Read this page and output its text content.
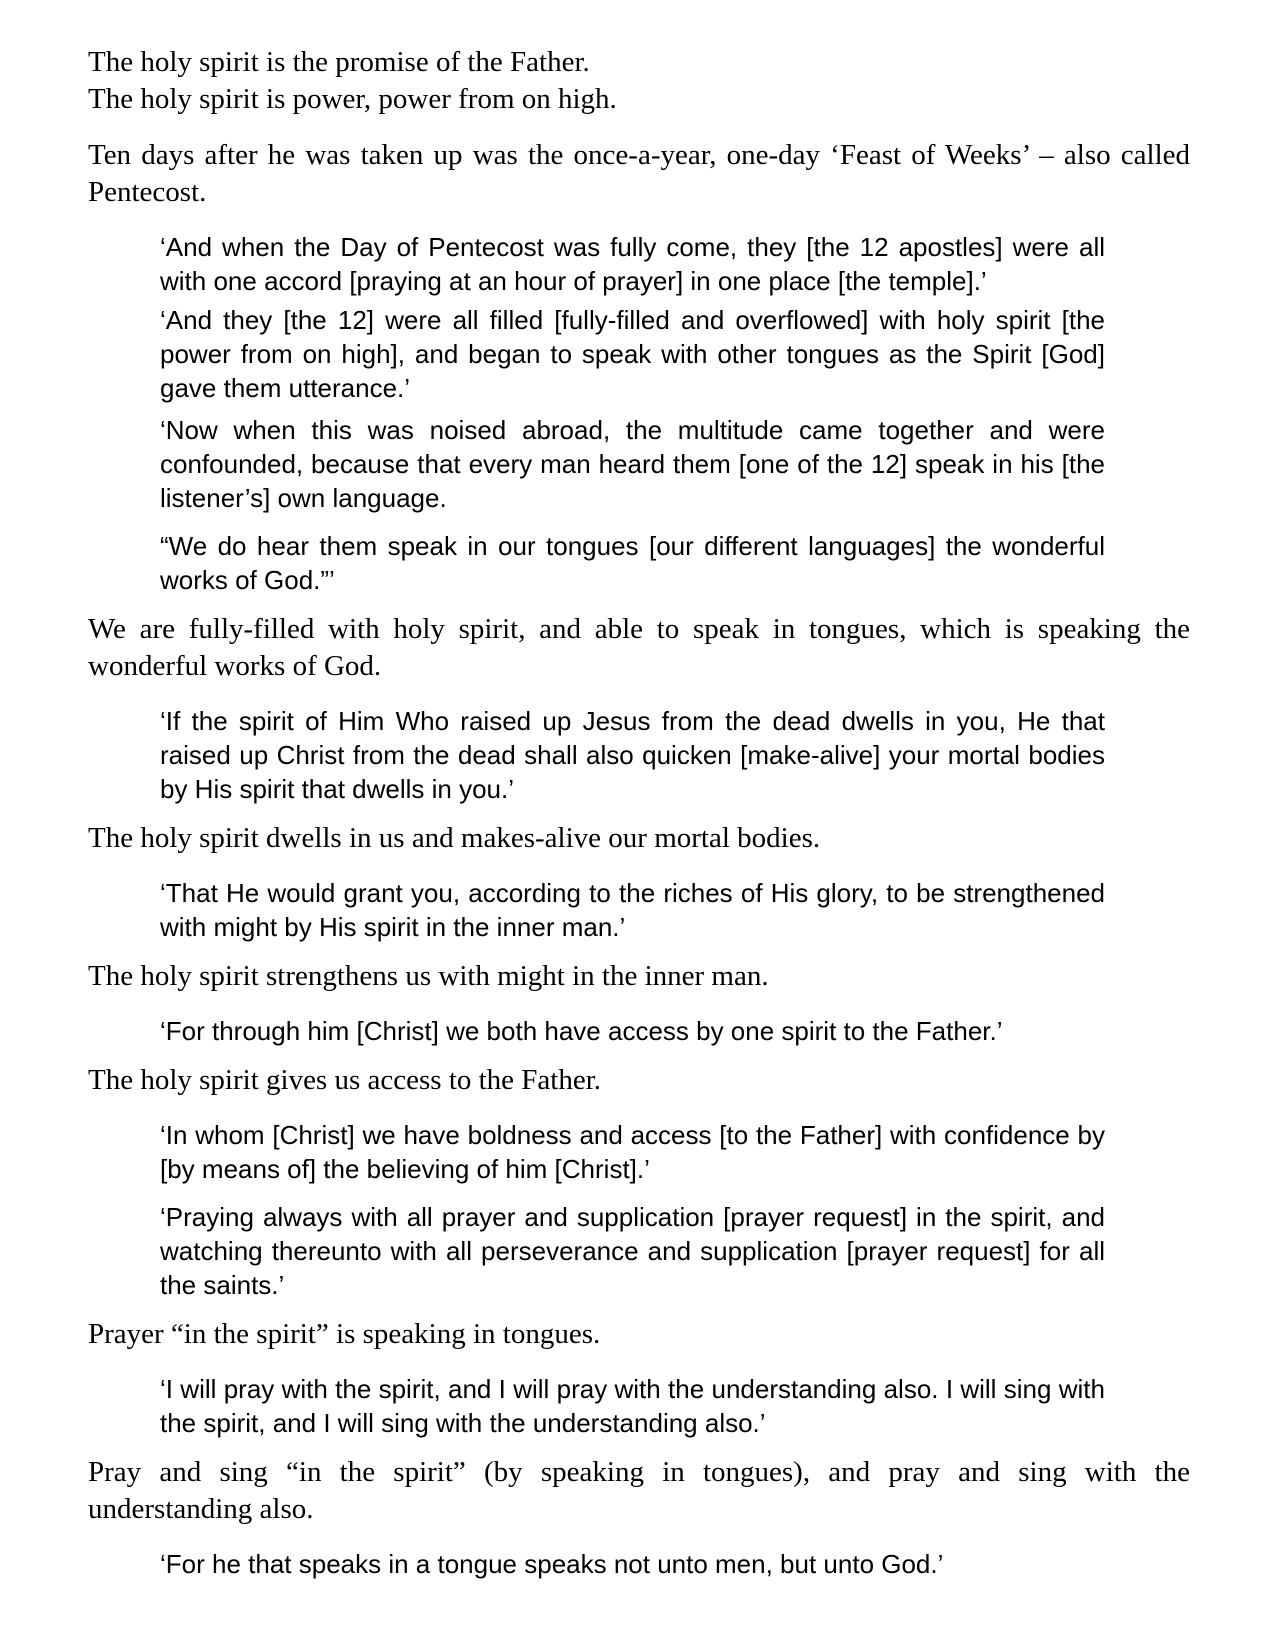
The holy spirit is the promise of the Father.

The holy spirit is power, power from on high.

Ten days after he was taken up was the once-a-year, one-day ‘Feast of Weeks’ – also called Pentecost.

‘And when the Day of Pentecost was fully come, they [the 12 apostles] were all with one accord [praying at an hour of prayer] in one place [the temple].’

‘And they [the 12] were all filled [fully-filled and overflowed] with holy spirit [the power from on high], and began to speak with other tongues as the Spirit [God] gave them utterance.’

‘Now when this was noised abroad, the multitude came together and were confounded, because that every man heard them [one of the 12] speak in his [the listener’s] own language.

“We do hear them speak in our tongues [our different languages] the wonderful works of God.”’

We are fully-filled with holy spirit, and able to speak in tongues, which is speaking the wonderful works of God.

‘If the spirit of Him Who raised up Jesus from the dead dwells in you, He that raised up Christ from the dead shall also quicken [make-alive] your mortal bodies by His spirit that dwells in you.’

The holy spirit dwells in us and makes-alive our mortal bodies.

‘That He would grant you, according to the riches of His glory, to be strengthened with might by His spirit in the inner man.’

The holy spirit strengthens us with might in the inner man.

‘For through him [Christ] we both have access by one spirit to the Father.’

The holy spirit gives us access to the Father.

‘In whom [Christ] we have boldness and access [to the Father] with confidence by [by means of] the believing of him [Christ].’

‘Praying always with all prayer and supplication [prayer request] in the spirit, and watching thereunto with all perseverance and supplication [prayer request] for all the saints.’

Prayer “in the spirit” is speaking in tongues.

‘I will pray with the spirit, and I will pray with the understanding also. I will sing with the spirit, and I will sing with the understanding also.’

Pray and sing “in the spirit” (by speaking in tongues), and pray and sing with the understanding also.

‘For he that speaks in a tongue speaks not unto men, but unto God.’
